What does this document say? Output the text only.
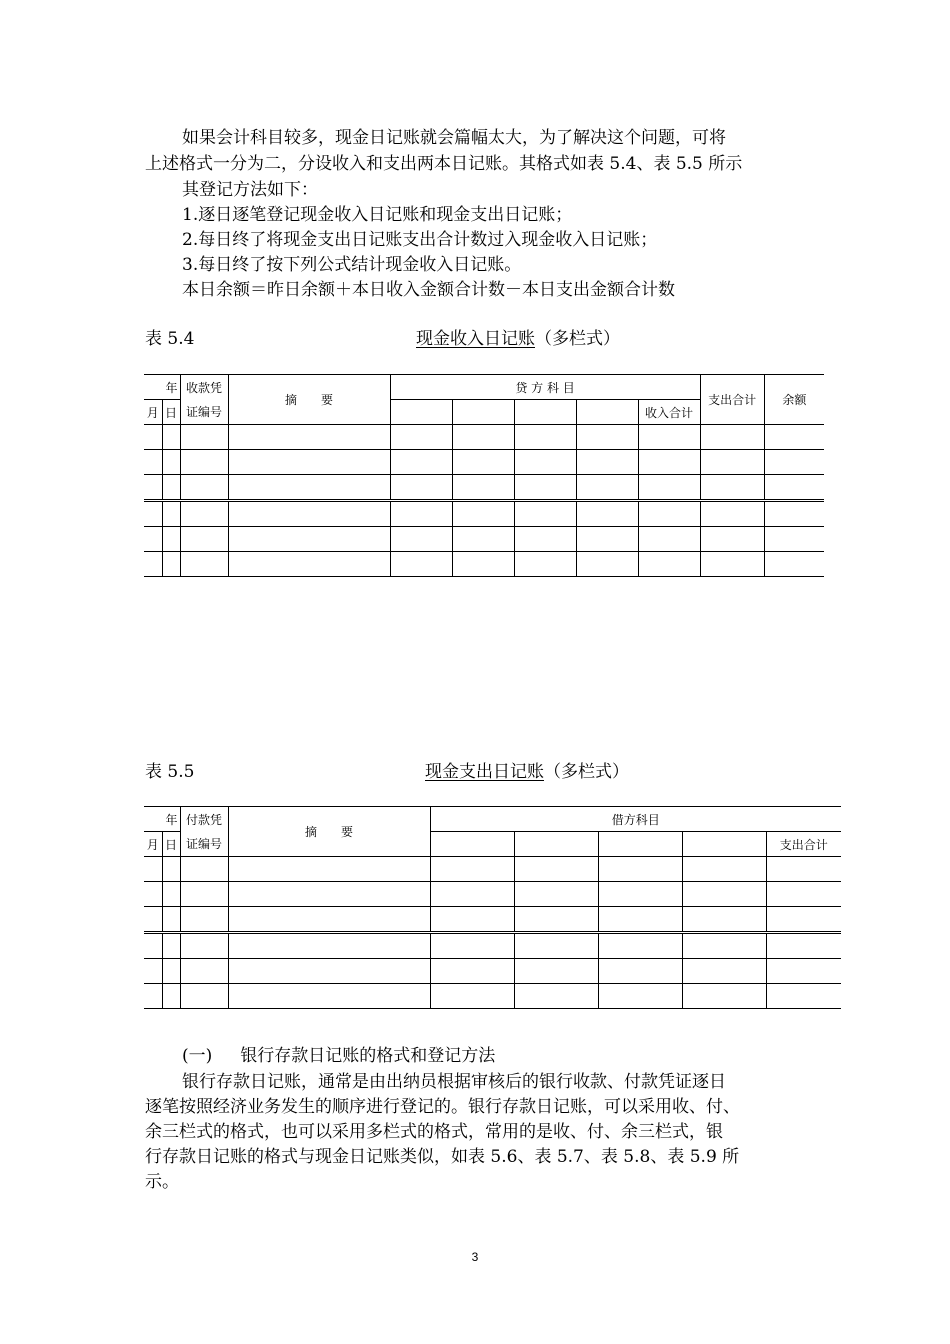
如果会计科目较多，现金日记账就会篇幅太大，为了解决这个问题，可将
上述格式一分为二，分设收入和支出两本日记账。其格式如表 5.4、表 5.5 所示
其登记方法如下：
1.逐日逐笔登记现金收入日记账和现金支出日记账；
2.每日终了将现金支出日记账支出合计数过入现金收入日记账；
3.每日终了按下列公式结计现金收入日记账。
本日余额＝昨日余额＋本日收入金额合计数－本日支出金额合计数
表 5.4	现金收入日记账（多栏式）
年		收款凭	摘　　要	贷 方 科 目					支出合计	余额
月	日	证编号						收入合计		

表 5.5	现金支出日记账（多栏式）
年		付款凭	摘　　要	借方科目				
月	日	证编号						支出合计

(一) 银行存款日记账的格式和登记方法
银行存款日记账，通常是由出纳员根据审核后的银行收款、付款凭证逐日
逐笔按照经济业务发生的顺序进行登记的。银行存款日记账，可以采用收、付、
余三栏式的格式，也可以采用多栏式的格式，常用的是收、付、余三栏式，银
行存款日记账的格式与现金日记账类似，如表 5.6、表 5.7、表 5.8、表 5.9 所
示。
3
